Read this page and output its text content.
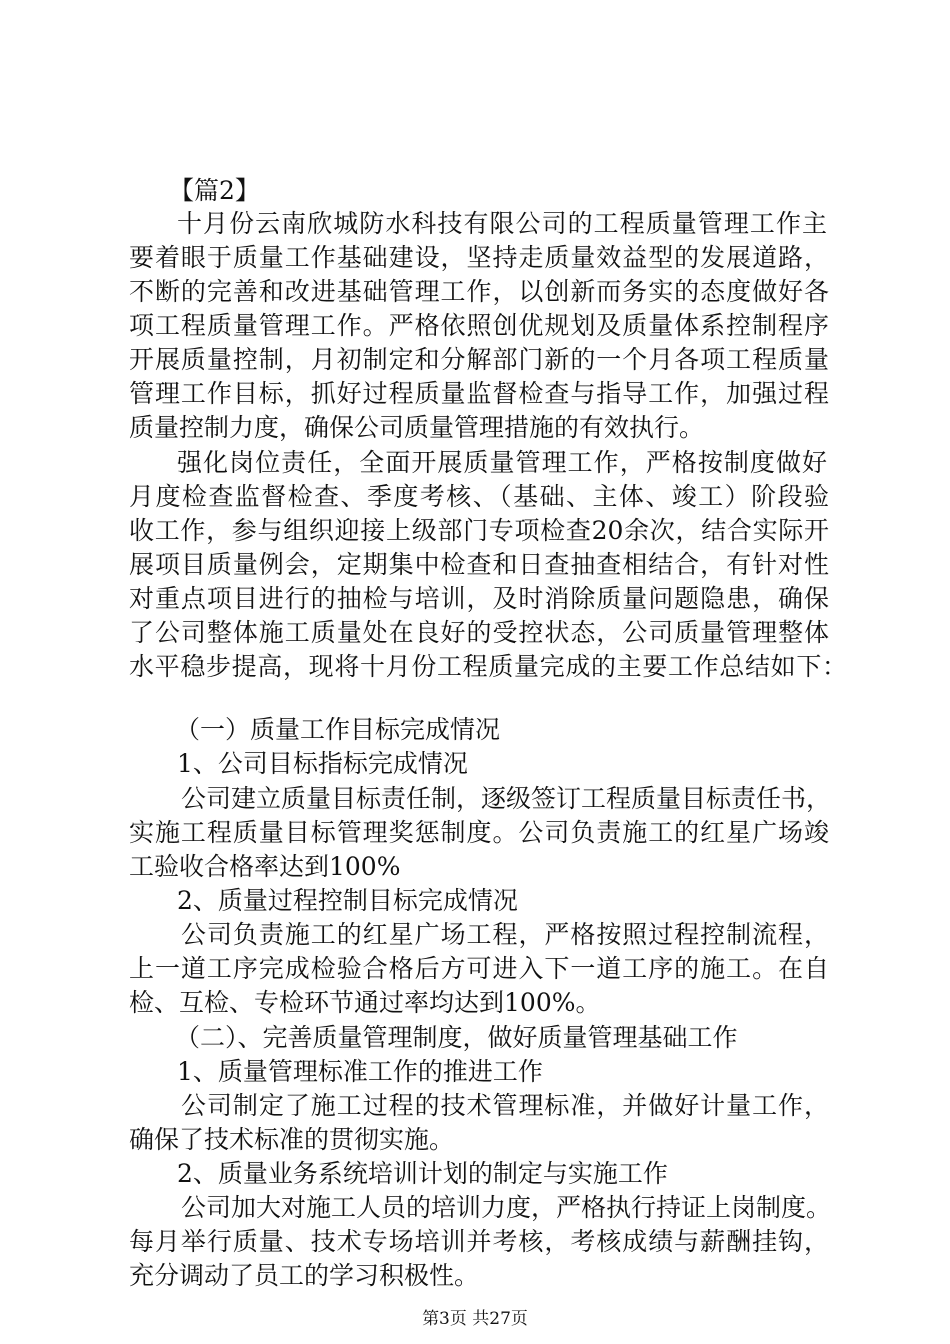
【篇2】
十月份云南欣城防水科技有限公司的工程质量管理工作主
要着眼于质量工作基础建设，坚持走质量效益型的发展道路，
不断的完善和改进基础管理工作，以创新而务实的态度做好各
项工程质量管理工作。严格依照创优规划及质量体系控制程序
开展质量控制，月初制定和分解部门新的一个月各项工程质量
管理工作目标，抓好过程质量监督检查与指导工作，加强过程
质量控制力度，确保公司质量管理措施的有效执行。
强化岗位责任，全面开展质量管理工作，严格按制度做好
月度检查监督检查、季度考核、（基础、主体、竣工）阶段验
收工作，参与组织迎接上级部门专项检查20余次，结合实际开
展项目质量例会，定期集中检查和日查抽查相结合，有针对性
对重点项目进行的抽检与培训，及时消除质量问题隐患，确保
了公司整体施工质量处在良好的受控状态，公司质量管理整体
水平稳步提高，现将十月份工程质量完成的主要工作总结如下：
（一）质量工作目标完成情况
1、公司目标指标完成情况
公司建立质量目标责任制，逐级签订工程质量目标责任书，
实施工程质量目标管理奖惩制度。公司负责施工的红星广场竣
工验收合格率达到100%
2、质量过程控制目标完成情况
公司负责施工的红星广场工程，严格按照过程控制流程，
上一道工序完成检验合格后方可进入下一道工序的施工。在自
检、互检、专检环节通过率均达到100%。
（二）、完善质量管理制度，做好质量管理基础工作
1、质量管理标准工作的推进工作
公司制定了施工过程的技术管理标准，并做好计量工作，
确保了技术标准的贯彻实施。
2、质量业务系统培训计划的制定与实施工作
公司加大对施工人员的培训力度，严格执行持证上岗制度。
每月举行质量、技术专场培训并考核，考核成绩与薪酬挂钩，
充分调动了员工的学习积极性。
第3页 共27页
